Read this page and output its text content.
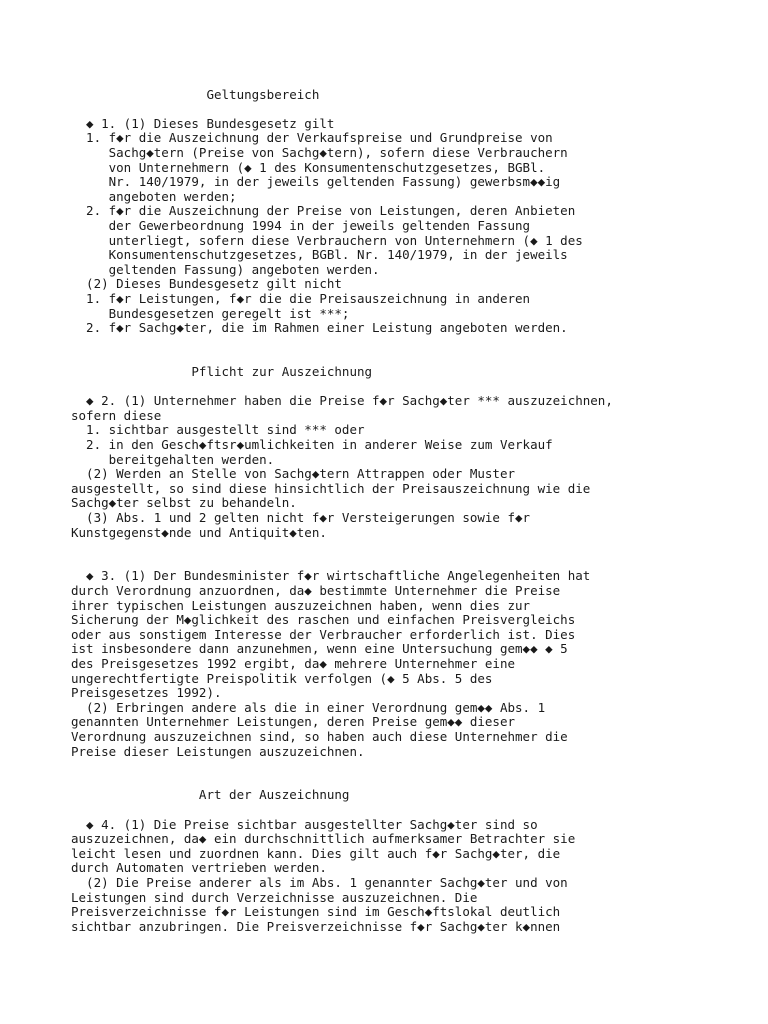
Geltungsbereich
◆ 1. (1) Dieses Bundesgesetz gilt
1. f◆r die Auszeichnung der Verkaufspreise und Grundpreise von
Sachg◆tern (Preise von Sachg◆tern), sofern diese Verbrauchern
von Unternehmern (◆ 1 des Konsumentenschutzgesetzes, BGBl.
Nr. 140/1979, in der jeweils geltenden Fassung) gewerbsm◆◆ig
angeboten werden;
2. f◆r die Auszeichnung der Preise von Leistungen, deren Anbieten
der Gewerbeordnung 1994 in der jeweils geltenden Fassung
unterliegt, sofern diese Verbrauchern von Unternehmern (◆ 1 des
Konsumentenschutzgesetzes, BGBl. Nr. 140/1979, in der jeweils
geltenden Fassung) angeboten werden.
(2) Dieses Bundesgesetz gilt nicht
1. f◆r Leistungen, f◆r die die Preisauszeichnung in anderen
Bundesgesetzen geregelt ist ***;
2. f◆r Sachg◆ter, die im Rahmen einer Leistung angeboten werden.
Pflicht zur Auszeichnung
◆ 2. (1) Unternehmer haben die Preise f◆r Sachg◆ter *** auszuzeichnen,
sofern diese
1. sichtbar ausgestellt sind *** oder
2. in den Gesch◆ftsr◆umlichkeiten in anderer Weise zum Verkauf
bereitgehalten werden.
(2) Werden an Stelle von Sachg◆tern Attrappen oder Muster
ausgestellt, so sind diese hinsichtlich der Preisauszeichnung wie die
Sachg◆ter selbst zu behandeln.
(3) Abs. 1 und 2 gelten nicht f◆r Versteigerungen sowie f◆r
Kunstgegenst◆nde und Antiquit◆ten.
◆ 3. (1) Der Bundesminister f◆r wirtschaftliche Angelegenheiten hat
durch Verordnung anzuordnen, da◆ bestimmte Unternehmer die Preise
ihrer typischen Leistungen auszuzeichnen haben, wenn dies zur
Sicherung der M◆glichkeit des raschen und einfachen Preisvergleichs
oder aus sonstigem Interesse der Verbraucher erforderlich ist. Dies
ist insbesondere dann anzunehmen, wenn eine Untersuchung gem◆◆ ◆ 5
des Preisgesetzes 1992 ergibt, da◆ mehrere Unternehmer eine
ungerechtfertigte Preispolitik verfolgen (◆ 5 Abs. 5 des
Preisgesetzes 1992).
(2) Erbringen andere als die in einer Verordnung gem◆◆ Abs. 1
genannten Unternehmer Leistungen, deren Preise gem◆◆ dieser
Verordnung auszuzeichnen sind, so haben auch diese Unternehmer die
Preise dieser Leistungen auszuzeichnen.
Art der Auszeichnung
◆ 4. (1) Die Preise sichtbar ausgestellter Sachg◆ter sind so
auszuzeichnen, da◆ ein durchschnittlich aufmerksamer Betrachter sie
leicht lesen und zuordnen kann. Dies gilt auch f◆r Sachg◆ter, die
durch Automaten vertrieben werden.
(2) Die Preise anderer als im Abs. 1 genannter Sachg◆ter und von
Leistungen sind durch Verzeichnisse auszuzeichnen. Die
Preisverzeichnisse f◆r Leistungen sind im Gesch◆ftslokal deutlich
sichtbar anzubringen. Die Preisverzeichnisse f◆r Sachg◆ter k◆nnen
